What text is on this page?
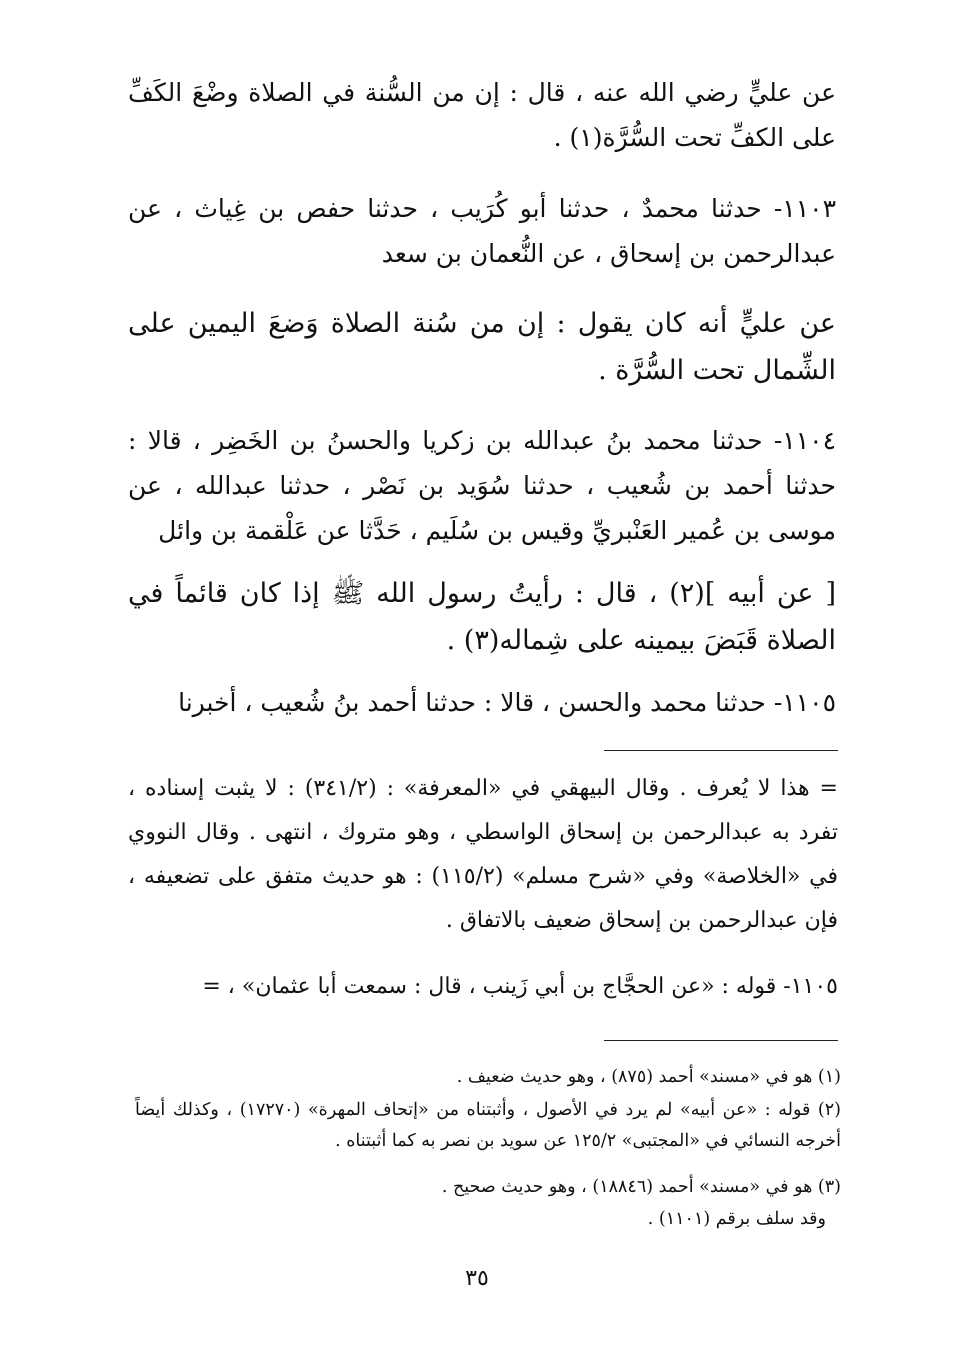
عن عليٍّ رضي الله عنه ، قال : إن من السُّنة في الصلاة وضْعَ الكَفِّ على الكفِّ تحت السُّرَّة(١) .

١١٠٣- حدثنا محمدٌ ، حدثنا أبو كُرَيب ، حدثنا حفص بن غِياث ، عن عبدالرحمن بن إسحاق ، عن النُّعمان بن سعد

عن عليٍّ أنه كان يقول : إن من سُنة الصلاة وَضعَ اليمين على الشِّمال تحت السُّرَّة .

١١٠٤- حدثنا محمد بنُ عبدالله بن زكريا والحسنُ بن الخَضِر ، قالا : حدثنا أحمد بن شُعيب ، حدثنا سُوَيد بن نَصْر ، حدثنا عبدالله ، عن موسى بن عُمير العَنْبريِّ وقيس بن سُلَيم ، حَدَّثا عن عَلْقمة بن وائل

[ عن أبيه ](٢) ، قال : رأيتُ رسول الله ﷺ إذا كان قائماً في الصلاة قَبَضَ بيمينه على شِماله(٣) .

١١٠٥- حدثنا محمد والحسن ، قالا : حدثنا أحمد بنُ شُعيب ، أخبرنا

= هذا لا يُعرف . وقال البيهقي في «المعرفة» : (٣٤١/٢) : لا يثبت إسناده ، تفرد به عبدالرحمن بن إسحاق الواسطي ، وهو متروك ، انتهى . وقال النووي في «الخلاصة» وفي «شرح مسلم» (١١٥/٢) : هو حديث متفق على تضعيفه ، فإن عبدالرحمن بن إسحاق ضعيف بالاتفاق .

١١٠٥- قوله : «عن الحجَّاج بن أبي زَينب ، قال : سمعت أبا عثمان» ، =

(١) هو في «مسند» أحمد (٨٧٥) ، وهو حديث ضعيف .

(٢) قوله : «عن أبيه» لم يرد في الأصول ، وأثبتناه من «إتحاف المهرة» (١٧٢٧٠) ، وكذلك أيضاً أخرجه النسائي في «المجتبى» ١٢٥/٢ عن سويد بن نصر به كما أثبتناه .

(٣) هو في «مسند» أحمد (١٨٨٤٦) ، وهو حديث صحيح .

وقد سلف برقم (١١٠١) .

٣٥
